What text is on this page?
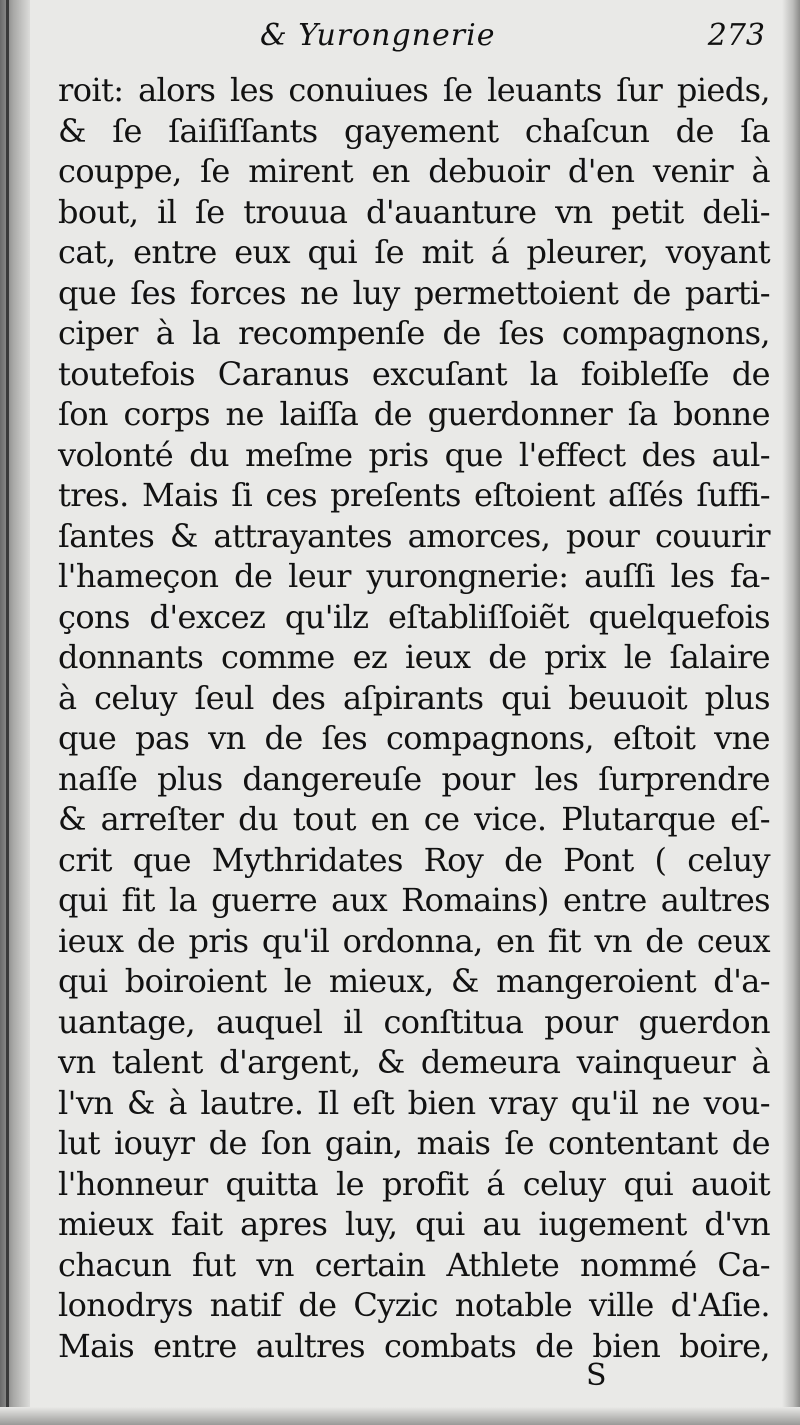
& Yurongnerie	273
roit: alors les conuiues ſe leuants ſur pieds,
& ſe ſaiſiſſants gayement chaſcun de ſa
couppe, ſe mirent en debuoir d'en venir à
bout, il ſe trouua d'auanture vn petit deli-
cat, entre eux qui ſe mit á pleurer, voyant
que ſes forces ne luy permettoient de parti-
ciper à la recompenſe de ſes compagnons,
toutefois Caranus excuſant la foibleſſe de
ſon corps ne laiſſa de guerdonner ſa bonne
volonté du meſme pris que l'effect des aul-
tres. Mais ſi ces preſents eſtoient aſſés ſuffi-
ſantes & attrayantes amorces, pour couurir
l'hameçon de leur yurongnerie: auſſi les fa-
çons d'excez qu'ilz eſtabliſſoiẽt quelquefois
donnants comme ez ieux de prix le ſalaire
à celuy ſeul des aſpirants qui beuuoit plus
que pas vn de ſes compagnons, eſtoit vne
naſſe plus dangereuſe pour les ſurprendre
& arreſter du tout en ce vice. Plutarque eſ-
crit que Mythridates Roy de Pont ( celuy
qui fit la guerre aux Romains) entre aultres
ieux de pris qu'il ordonna, en fit vn de ceux
qui boiroient le mieux, & mangeroient d'a-
uantage, auquel il conſtitua pour guerdon
vn talent d'argent, & demeura vainqueur à
l'vn & à lautre. Il eſt bien vray qu'il ne vou-
lut iouyr de ſon gain, mais ſe contentant de
l'honneur quitta le profit á celuy qui auoit
mieux fait apres luy, qui au iugement d'vn
chacun fut vn certain Athlete nommé Ca-
lonodrys natif de Cyzic notable ville d'Aſie.
Mais entre aultres combats de bien boire,
S
